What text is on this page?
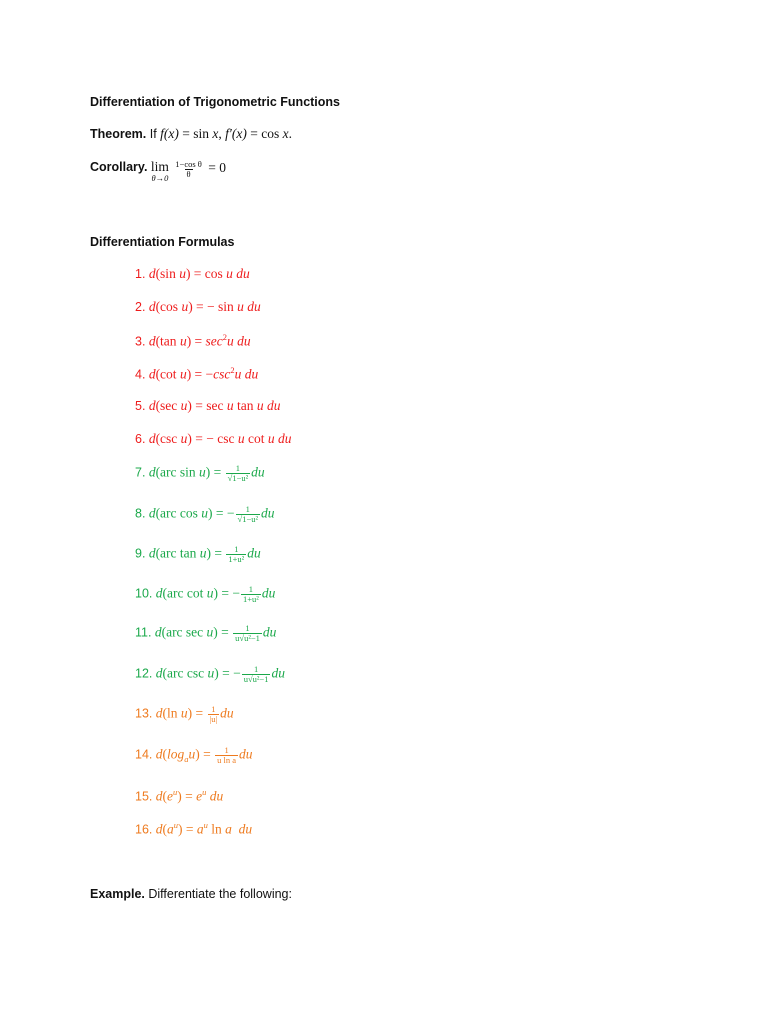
Differentiation of Trigonometric Functions
Theorem. If f(x) = sin x, f′(x) = cos x.
Corollary. lim
θ→0
$\frac{\text{1−cos θ}}{\theta} = 0$
Differentiation Formulas
1. d(sin u) = cos u du
2. d(cos u) = − sin u du
3. d(tan $u) = \sec^2u$ du
4. d(cot $u) = -\csc^2u$ du
5. d(sec u) = sec u tan u du
6. d(csc u) = − csc u cot u du
7. d(arc $\sin u) = \frac{1}{\text{√1−u²}}$ du
8. d(arc cos u) = − $\frac{1}{\text{√1−u²}}$ du
9. d(arc $\tan u) = \frac{1}{\text{1+u²}}$ du
10. d(arc cot u) = − $\frac{1}{\text{1+u²}}$ du
11. d(arc $\sec u) = \frac{1}{\text{u√u²−1}}$ du
12. d(arc csc u) = − $\frac{1}{\text{u√u²−1}}$ du
13. d(ln $u) = \frac{1}{|u|}$ du
14. $d(\log_au) = \frac{1}{\text{u ln a}}$ du
15. $d(e^u) = e^u$ du
16. $d(a^u) = a^u$ ln a  du
Example. Differentiate the following:
